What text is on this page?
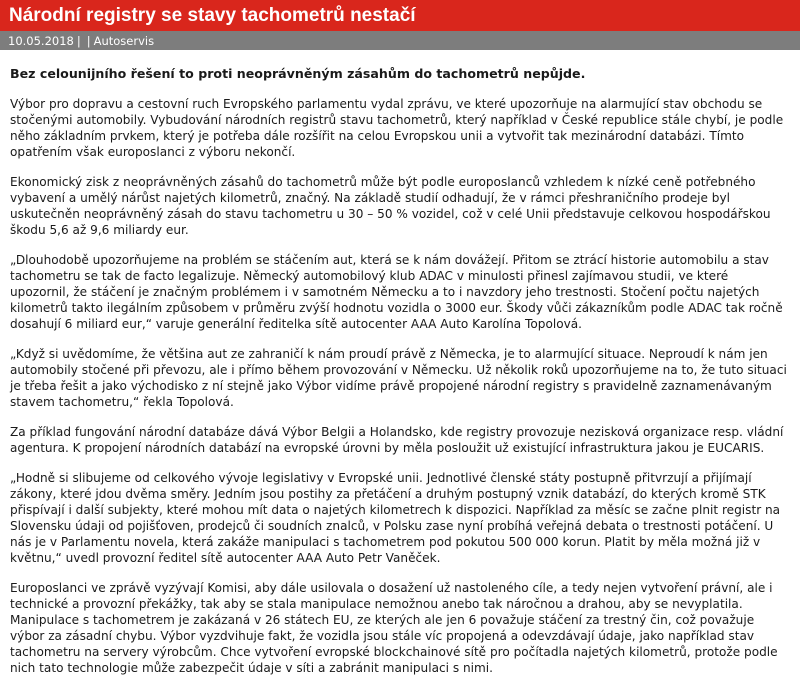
Národní registry se stavy tachometrů nestačí
10.05.2018 | | Autoservis

Bez celounijního řešení to proti neoprávněným zásahům do tachometrů nepůjde.

Výbor pro dopravu a cestovní ruch Evropského parlamentu vydal zprávu, ve které upozorňuje na alarmující stav obchodu se
stočenými automobily. Vybudování národních registrů stavu tachometrů, který například v České republice stále chybí, je podle
něho základním prvkem, který je potřeba dále rozšířit na celou Evropskou unii a vytvořit tak mezinárodní databázi. Tímto
opatřením však europoslanci z výboru nekončí.

Ekonomický zisk z neoprávněných zásahů do tachometrů může být podle europoslanců vzhledem k nízké ceně potřebného
vybavení a umělý nárůst najetých kilometrů, značný. Na základě studií odhadují, že v rámci přeshraničního prodeje byl
uskutečněn neoprávněný zásah do stavu tachometru u 30 – 50 % vozidel, což v celé Unii představuje celkovou hospodářskou
škodu 5,6 až 9,6 miliardy eur.

„Dlouhodobě upozorňujeme na problém se stáčením aut, která se k nám dovážejí. Přitom se ztrácí historie automobilu a stav
tachometru se tak de facto legalizuje. Německý automobilový klub ADAC v minulosti přinesl zajímavou studii, ve které
upozornil, že stáčení je značným problémem i v samotném Německu a to i navzdory jeho trestnosti. Stočení počtu najetých
kilometrů takto ilegálním způsobem v průměru zvýší hodnotu vozidla o 3000 eur. Škody vůči zákazníkům podle ADAC tak ročně
dosahují 6 miliard eur,“ varuje generální ředitelka sítě autocenter AAA Auto Karolína Topolová.

„Když si uvědomíme, že většina aut ze zahraničí k nám proudí právě z Německa, je to alarmující situace. Neproudí k nám jen
automobily stočené při převozu, ale i přímo během provozování v Německu. Už několik roků upozorňujeme na to, že tuto situaci
je třeba řešit a jako východisko z ní stejně jako Výbor vidíme právě propojené národní registry s pravidelně zaznamenávaným
stavem tachometru,“ řekla Topolová.

Za příklad fungování národní databáze dává Výbor Belgii a Holandsko, kde registry provozuje nezisková organizace resp. vládní
agentura. K propojení národních databází na evropské úrovni by měla posloužit už existující infrastruktura jakou je EUCARIS.

„Hodně si slibujeme od celkového vývoje legislativy v Evropské unii. Jednotlivé členské státy postupně přitvrzují a přijímají
zákony, které jdou dvěma směry. Jedním jsou postihy za přetáčení a druhým postupný vznik databází, do kterých kromě STK
přispívají i další subjekty, které mohou mít data o najetých kilometrech k dispozici. Například za měsíc se začne plnit registr na
Slovensku údaji od pojišťoven, prodejců či soudních znalců, v Polsku zase nyní probíhá veřejná debata o trestnosti potáčení. U
nás je v Parlamentu novela, která zakáže manipulaci s tachometrem pod pokutou 500 000 korun. Platit by měla možná již v
květnu,“ uvedl provozní ředitel sítě autocenter AAA Auto Petr Vaněček.

Europoslanci ve zprávě vyzývají Komisi, aby dále usilovala o dosažení už nastoleného cíle, a tedy nejen vytvoření právní, ale i
technické a provozní překážky, tak aby se stala manipulace nemožnou anebo tak náročnou a drahou, aby se nevyplatila.
Manipulace s tachometrem je zakázaná v 26 státech EU, ze kterých ale jen 6 považuje stáčení za trestný čin, což považuje
výbor za zásadní chybu. Výbor vyzdvihuje fakt, že vozidla jsou stále víc propojená a odevzdávají údaje, jako například stav
tachometru na servery výrobcům. Chce vytvoření evropské blockchainové sítě pro počítadla najetých kilometrů, protože podle
nich tato technologie může zabezpečit údaje v síti a zabránit manipulaci s nimi.
